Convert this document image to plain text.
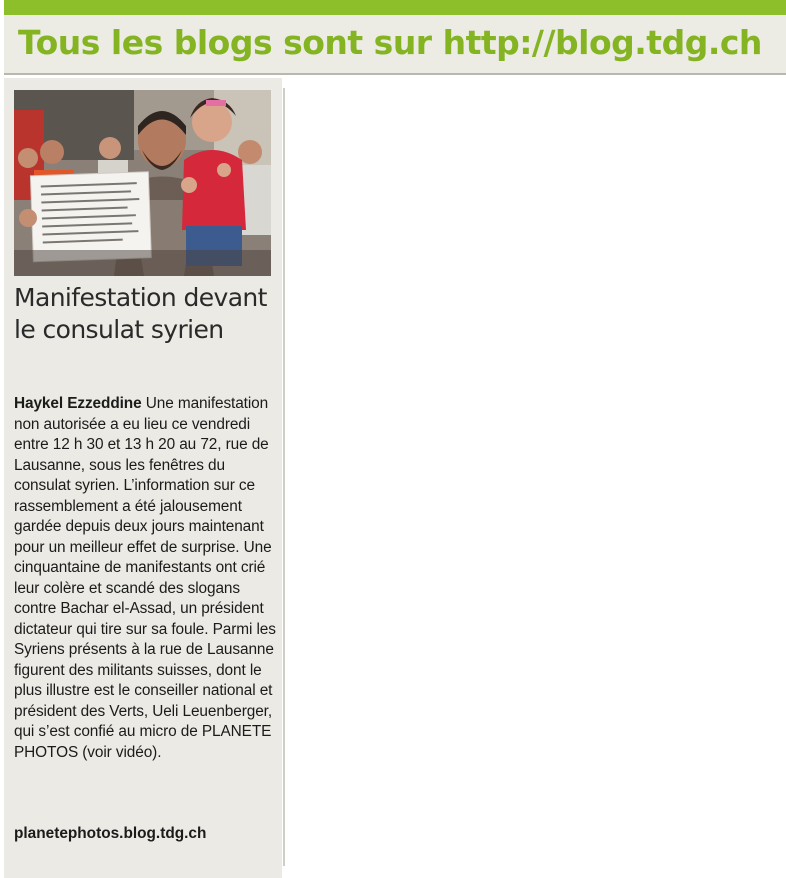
Tous les blogs sont sur http://blog.tdg.ch
Manifestation devant le consulat syrien

Haykel Ezzeddine Une manifestation non autorisée a eu lieu ce vendredi entre 12 h 30 et 13 h 20 au 72, rue de Lausanne, sous les fenêtres du consulat syrien. L’information sur ce rassemblement a été jalousement gardée depuis deux jours maintenant pour un meilleur effet de surprise. Une cinquantaine de manifestants ont crié leur colère et scandé des slogans contre Bachar el-Assad, un président dictateur qui tire sur sa foule. Parmi les Syriens présents à la rue de Lausanne figurent des militants suisses, dont le plus illustre est le conseiller national et président des Verts, Ueli Leuenberger, qui s’est confié au micro de PLANETE PHOTOS (voir vidéo).

planetephotos.blog.tdg.ch
